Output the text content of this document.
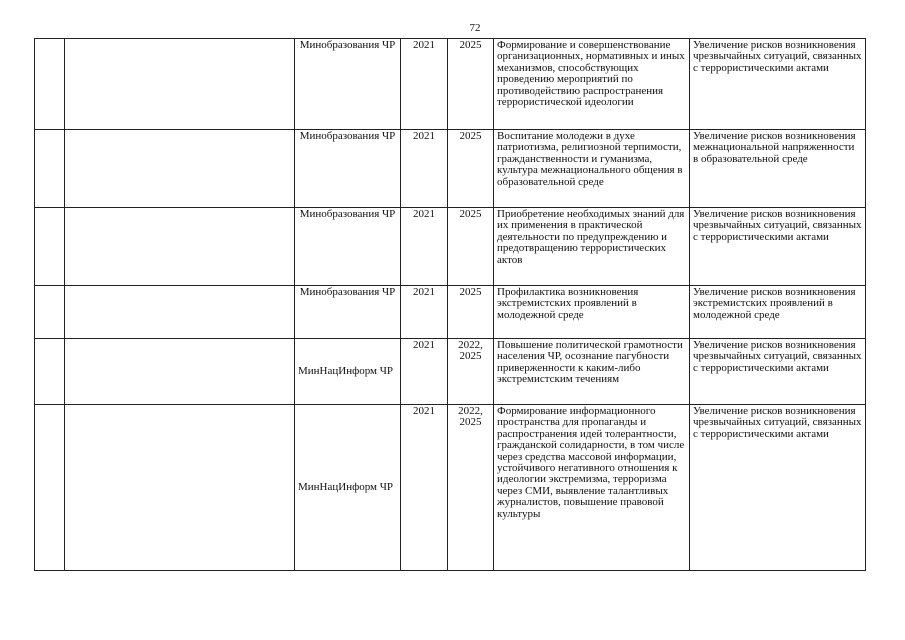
72

		Минобразования ЧР	2021	2025	Формирование и совершенствование организационных, нормативных и иных механизмов, способствующих проведению мероприятий по противодействию распространения террористической идеологии	Увеличение рисков возникновения чрезвычайных ситуаций, связанных с террористическими актами

		Минобразования ЧР	2021	2025	Воспитание молодежи в духе патриотизма, религиозной терпимости, гражданственности и гуманизма, культура межнационального общения в образовательной среде	Увеличение рисков возникновения межнациональной напряженности в образовательной среде

		Минобразования ЧР	2021	2025	Приобретение необходимых знаний для их применения в практической деятельности по предупреждению и предотвращению террористических актов	Увеличение рисков возникновения чрезвычайных ситуаций, связанных с террористическими актами

		Минобразования ЧР	2021	2025	Профилактика возникновения экстремистских проявлений в молодежной среде	Увеличение рисков возникновения экстремистских проявлений в молодежной среде

		МинНацИнформ ЧР	2021	2022, 2025	Повышение политической грамотности населения ЧР, осознание пагубности приверженности к каким-либо экстремистским течениям	Увеличение рисков возникновения чрезвычайных ситуаций, связанных с террористическими актами

		МинНацИнформ ЧР	2021	2022, 2025	Формирование информационного пространства для пропаганды и распространения идей толерантности, гражданской солидарности, в том числе через средства массовой информации, устойчивого негативного отношения к идеологии экстремизма, терроризма через СМИ, выявление талантливых журналистов, повышение правовой культуры	Увеличение рисков возникновения чрезвычайных ситуаций, связанных с террористическими актами
